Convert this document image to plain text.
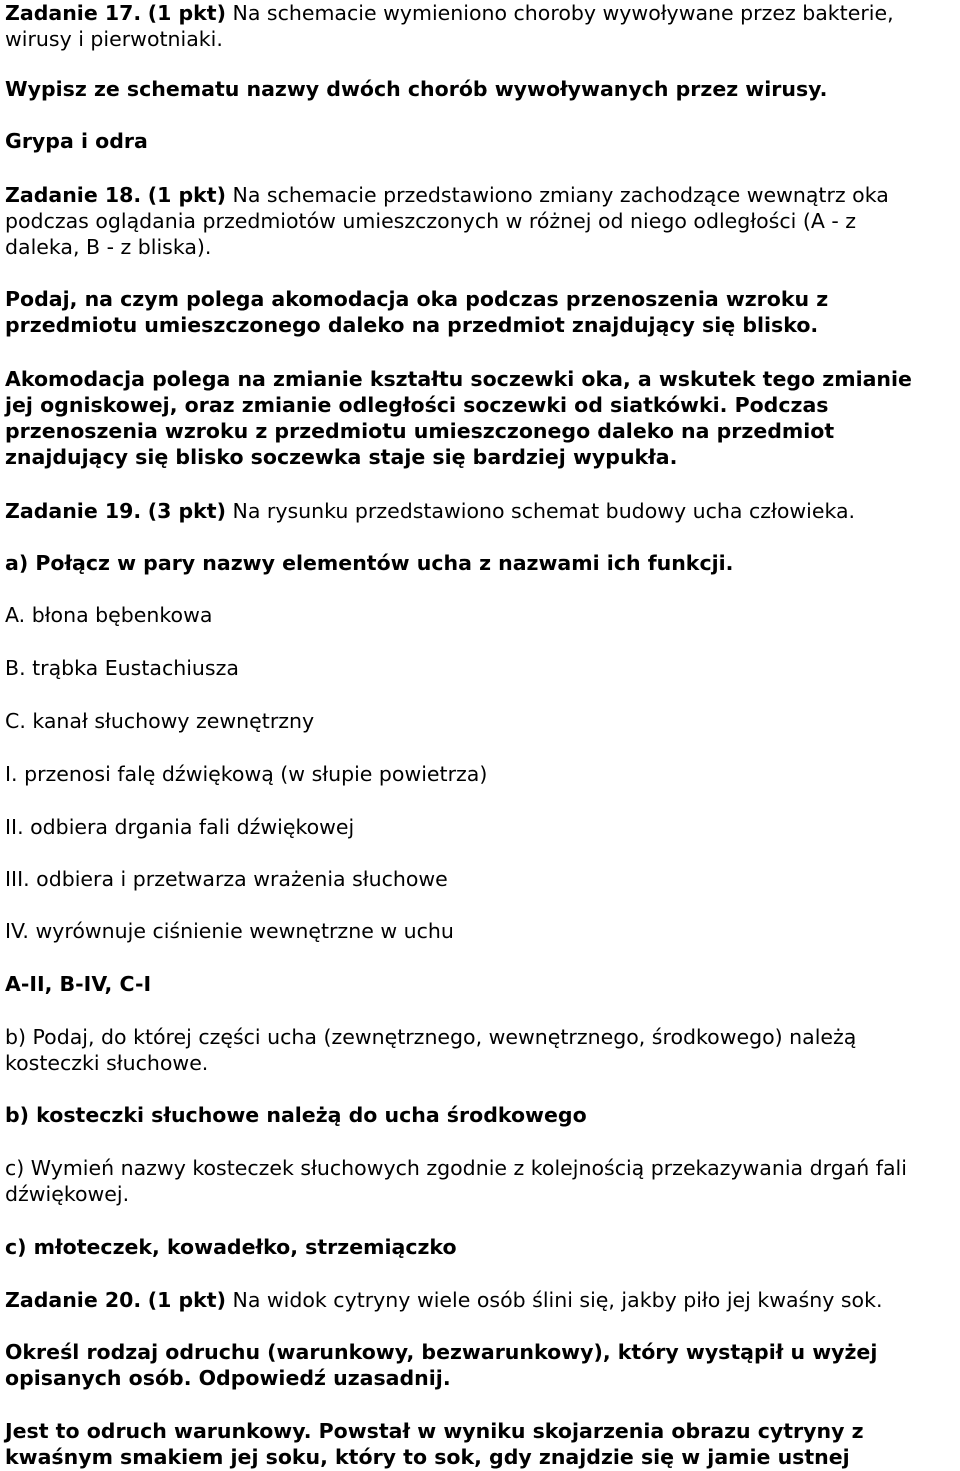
Zadanie 17. (1 pkt) Na schemacie wymieniono choroby wywoływane przez bakterie,
wirusy i pierwotniaki.

Wypisz ze schematu nazwy dwóch chorób wywoływanych przez wirusy.

Grypa i odra

Zadanie 18. (1 pkt) Na schemacie przedstawiono zmiany zachodzące wewnątrz oka
podczas oglądania przedmiotów umieszczonych w różnej od niego odległości (A - z
daleka, B - z bliska).

Podaj, na czym polega akomodacja oka podczas przenoszenia wzroku z
przedmiotu umieszczonego daleko na przedmiot znajdujący się blisko.

Akomodacja polega na zmianie kształtu soczewki oka, a wskutek tego zmianie
jej ogniskowej, oraz zmianie odległości soczewki od siatkówki. Podczas
przenoszenia wzroku z przedmiotu umieszczonego daleko na przedmiot
znajdujący się blisko soczewka staje się bardziej wypukła.

Zadanie 19. (3 pkt) Na rysunku przedstawiono schemat budowy ucha człowieka.

a) Połącz w pary nazwy elementów ucha z nazwami ich funkcji.

A. błona bębenkowa

B. trąbka Eustachiusza

C. kanał słuchowy zewnętrzny

I. przenosi falę dźwiękową (w słupie powietrza)

II. odbiera drgania fali dźwiękowej

III. odbiera i przetwarza wrażenia słuchowe

IV. wyrównuje ciśnienie wewnętrzne w uchu

A-II, B-IV, C-I

b) Podaj, do której części ucha (zewnętrznego, wewnętrznego, środkowego) należą
kosteczki słuchowe.

b) kosteczki słuchowe należą do ucha środkowego

c) Wymień nazwy kosteczek słuchowych zgodnie z kolejnością przekazywania drgań fali
dźwiękowej.

c) młoteczek, kowadełko, strzemiączko

Zadanie 20. (1 pkt) Na widok cytryny wiele osób ślini się, jakby piło jej kwaśny sok.

Określ rodzaj odruchu (warunkowy, bezwarunkowy), który wystąpił u wyżej
opisanych osób. Odpowiedź uzasadnij.

Jest to odruch warunkowy. Powstał w wyniku skojarzenia obrazu cytryny z
kwaśnym smakiem jej soku, który to sok, gdy znajdzie się w jamie ustnej
